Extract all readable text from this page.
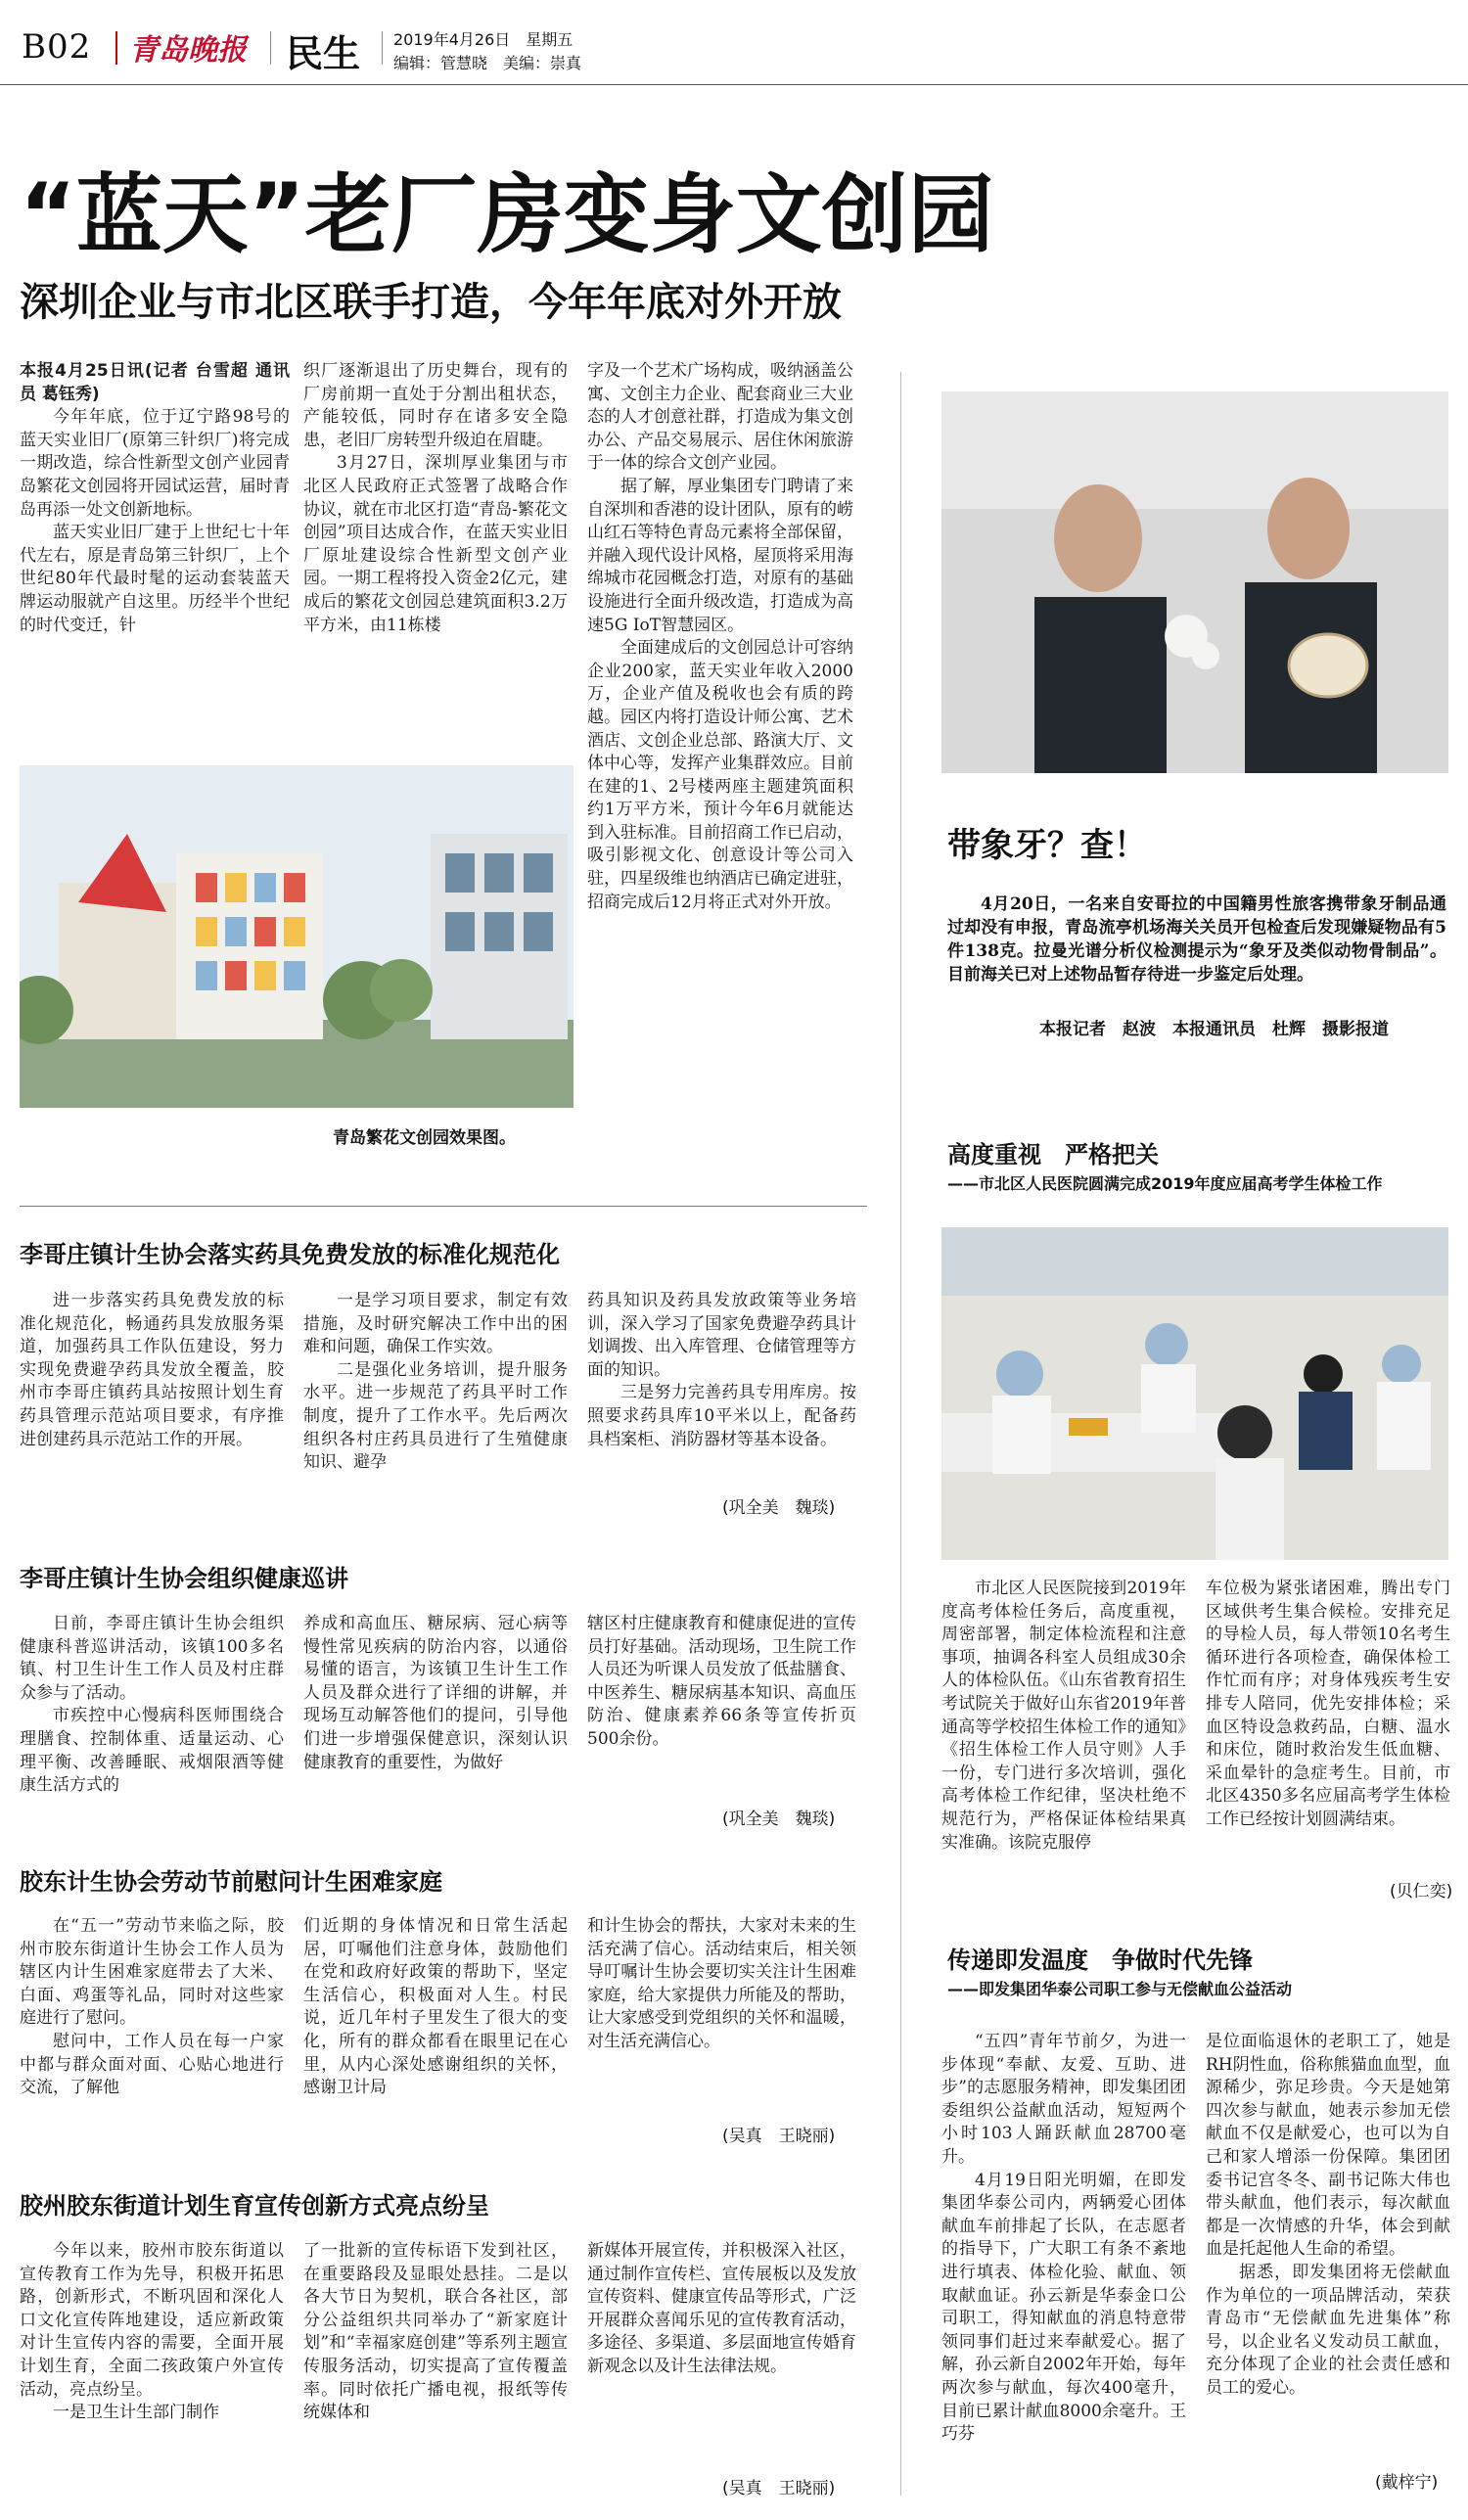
B02 青岛晚报 民生 2019年4月26日　星期五
编辑：管慧晓　美编：崇真
“蓝天”老厂房变身文创园
深圳企业与市北区联手打造，今年年底对外开放

本报4月25日讯(记者 台雪超 通讯员 葛钰秀)

今年年底，位于辽宁路98号的蓝天实业旧厂(原第三针织厂)将完成一期改造，综合性新型文创产业园青岛繁花文创园将开园试运营，届时青岛再添一处文创新地标。

蓝天实业旧厂建于上世纪七十年代左右，原是青岛第三针织厂，上个世纪80年代最时髦的运动套装蓝天牌运动服就产自这里。历经半个世纪的时代变迁，针

织厂逐渐退出了历史舞台，现有的厂房前期一直处于分割出租状态，产能较低，同时存在诸多安全隐患，老旧厂房转型升级迫在眉睫。

3月27日，深圳厚业集团与市北区人民政府正式签署了战略合作协议，就在市北区打造“青岛-繁花文创园”项目达成合作，在蓝天实业旧厂原址建设综合性新型文创产业园。一期工程将投入资金2亿元，建成后的繁花文创园总建筑面积3.2万平方米，由11栋楼

字及一个艺术广场构成，吸纳涵盖公寓、文创主力企业、配套商业三大业态的人才创意社群，打造成为集文创办公、产品交易展示、居住休闲旅游于一体的综合文创产业园。

据了解，厚业集团专门聘请了来自深圳和香港的设计团队，原有的崂山红石等特色青岛元素将全部保留，并融入现代设计风格，屋顶将采用海绵城市花园概念打造，对原有的基础设施进行全面升级改造，打造成为高速5G IoT智慧园区。

全面建成后的文创园总计可容纳企业200家，蓝天实业年收入2000万，企业产值及税收也会有质的跨越。园区内将打造设计师公寓、艺术酒店、文创企业总部、路演大厅、文体中心等，发挥产业集群效应。目前在建的1、2号楼两座主题建筑面积约1万平方米，预计今年6月就能达到入驻标准。目前招商工作已启动，吸引影视文化、创意设计等公司入驻，四星级维也纳酒店已确定进驻，招商完成后12月将正式对外开放。

青岛繁花文创园效果图。
带象牙？查！
4月20日，一名来自安哥拉的中国籍男性旅客携带象牙制品通过却没有申报，青岛流亭机场海关关员开包检查后发现嫌疑物品有5件138克。拉曼光谱分析仪检测提示为“象牙及类似动物骨制品”。目前海关已对上述物品暂存待进一步鉴定后处理。
本报记者　赵波　本报通讯员　杜辉　摄影报道
高度重视　严格把关
——市北区人民医院圆满完成2019年度应届高考学生体检工作

市北区人民医院接到2019年度高考体检任务后，高度重视，周密部署，制定体检流程和注意事项，抽调各科室人员组成30余人的体检队伍。《山东省教育招生考试院关于做好山东省2019年普通高等学校招生体检工作的通知》《招生体检工作人员守则》人手一份，专门进行多次培训，强化高考体检工作纪律，坚决杜绝不规范行为，严格保证体检结果真实准确。该院克服停

车位极为紧张诸困难，腾出专门区域供考生集合候检。安排充足的导检人员，每人带领10名考生循环进行各项检查，确保体检工作忙而有序；对身体残疾考生安排专人陪同，优先安排体检；采血区特设急救药品，白糖、温水和床位，随时救治发生低血糖、采血晕针的急症考生。目前，市北区4350多名应届高考学生体检工作已经按计划圆满结束。

(贝仁奕)
传递即发温度　争做时代先锋
——即发集团华泰公司职工参与无偿献血公益活动

“五四”青年节前夕，为进一步体现“奉献、友爱、互助、进步”的志愿服务精神，即发集团团委组织公益献血活动，短短两个小时103人踊跃献血28700毫升。

4月19日阳光明媚，在即发集团华泰公司内，两辆爱心团体献血车前排起了长队，在志愿者的指导下，广大职工有条不紊地进行填表、体检化验、献血、领取献血证。孙云新是华泰金口公司职工，得知献血的消息特意带领同事们赶过来奉献爱心。据了解，孙云新自2002年开始，每年两次参与献血，每次400毫升，目前已累计献血8000余毫升。王巧芬

是位面临退休的老职工了，她是RH阴性血，俗称熊猫血血型，血源稀少，弥足珍贵。今天是她第四次参与献血，她表示参加无偿献血不仅是献爱心，也可以为自己和家人增添一份保障。集团团委书记宫冬冬、副书记陈大伟也带头献血，他们表示，每次献血都是一次情感的升华，体会到献血是托起他人生命的希望。

据悉，即发集团将无偿献血作为单位的一项品牌活动，荣获青岛市“无偿献血先进集体”称号，以企业名义发动员工献血，充分体现了企业的社会责任感和员工的爱心。

(戴梓宁)
李哥庄镇计生协会落实药具免费发放的标准化规范化

进一步落实药具免费发放的标准化规范化，畅通药具发放服务渠道，加强药具工作队伍建设，努力实现免费避孕药具发放全覆盖，胶州市李哥庄镇药具站按照计划生育药具管理示范站项目要求，有序推进创建药具示范站工作的开展。

一是学习项目要求，制定有效措施，及时研究解决工作中出的困难和问题，确保工作实效。

二是强化业务培训，提升服务水平。进一步规范了药具平时工作制度，提升了工作水平。先后两次组织各村庄药具员进行了生殖健康知识、避孕

药具知识及药具发放政策等业务培训，深入学习了国家免费避孕药具计划调拨、出入库管理、仓储管理等方面的知识。

三是努力完善药具专用库房。按照要求药具库10平米以上，配备药具档案柜、消防器材等基本设备。

(巩全美　魏琰)
李哥庄镇计生协会组织健康巡讲

日前，李哥庄镇计生协会组织健康科普巡讲活动，该镇100多名镇、村卫生计生工作人员及村庄群众参与了活动。

市疾控中心慢病科医师围绕合理膳食、控制体重、适量运动、心理平衡、改善睡眠、戒烟限酒等健康生活方式的

养成和高血压、糖尿病、冠心病等慢性常见疾病的防治内容，以通俗易懂的语言，为该镇卫生计生工作人员及群众进行了详细的讲解，并现场互动解答他们的提问，引导他们进一步增强保健意识，深刻认识健康教育的重要性，为做好

辖区村庄健康教育和健康促进的宣传员打好基础。活动现场，卫生院工作人员还为听课人员发放了低盐膳食、中医养生、糖尿病基本知识、高血压防治、健康素养66条等宣传折页500余份。

(巩全美　魏琰)
胶东计生协会劳动节前慰问计生困难家庭

在“五一”劳动节来临之际，胶州市胶东街道计生协会工作人员为辖区内计生困难家庭带去了大米、白面、鸡蛋等礼品，同时对这些家庭进行了慰问。

慰问中，工作人员在每一户家中都与群众面对面、心贴心地进行交流，了解他

们近期的身体情况和日常生活起居，叮嘱他们注意身体，鼓励他们在党和政府好政策的帮助下，坚定生活信心，积极面对人生。村民说，近几年村子里发生了很大的变化，所有的群众都看在眼里记在心里，从内心深处感谢组织的关怀，感谢卫计局

和计生协会的帮扶，大家对未来的生活充满了信心。活动结束后，相关领导叮嘱计生协会要切实关注计生困难家庭，给大家提供力所能及的帮助，让大家感受到党组织的关怀和温暖，对生活充满信心。

(吴真　王晓丽)
胶州胶东街道计划生育宣传创新方式亮点纷呈

今年以来，胶州市胶东街道以宣传教育工作为先导，积极开拓思路，创新形式，不断巩固和深化人口文化宣传阵地建设，适应新政策对计生宣传内容的需要，全面开展计划生育，全面二孩政策户外宣传活动，亮点纷呈。

一是卫生计生部门制作

了一批新的宣传标语下发到社区，在重要路段及显眼处悬挂。二是以各大节日为契机，联合各社区，部分公益组织共同举办了“新家庭计划”和“幸福家庭创建”等系列主题宣传服务活动，切实提高了宣传覆盖率。同时依托广播电视，报纸等传统媒体和

新媒体开展宣传，并积极深入社区，通过制作宣传栏、宣传展板以及发放宣传资料、健康宣传品等形式，广泛开展群众喜闻乐见的宣传教育活动，多途径、多渠道、多层面地宣传婚育新观念以及计生法律法规。

(吴真　王晓丽)
